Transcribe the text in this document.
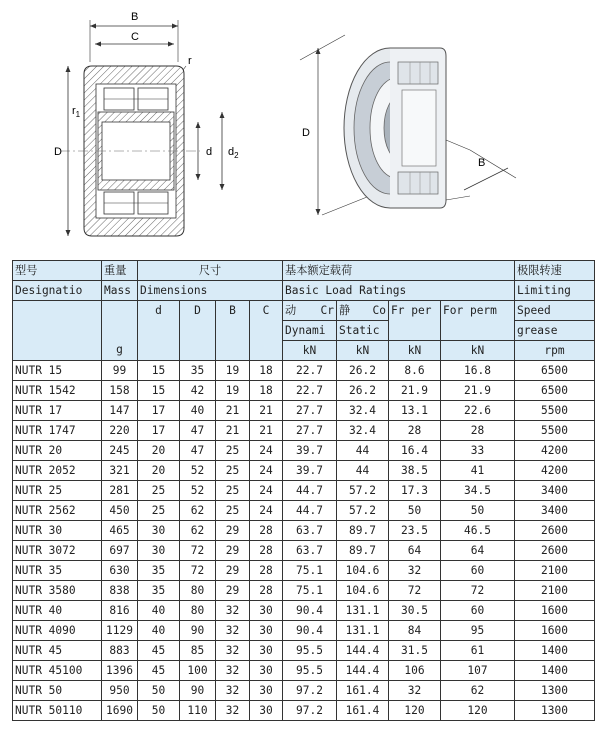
B
C
r
D
$r_1$
d $d_2$
D
B
型号	重量	尺寸				基本额定载荷				极限转速
Designatio	Mass	Dimensions				Basic Load Ratings				Limiting
	g	d	D	B	C	动 Cr	静 Co	Fr per	For perm	Speed
						Dynami	Static			grease
						kN	kN	kN	kN	rpm
NUTR 15	99	15	35	19	18	22.7	26.2	8.6	16.8	6500
NUTR 1542	158	15	42	19	18	22.7	26.2	21.9	21.9	6500
NUTR 17	147	17	40	21	21	27.7	32.4	13.1	22.6	5500
NUTR 1747	220	17	47	21	21	27.7	32.4	28	28	5500
NUTR 20	245	20	47	25	24	39.7	44	16.4	33	4200
NUTR 2052	321	20	52	25	24	39.7	44	38.5	41	4200
NUTR 25	281	25	52	25	24	44.7	57.2	17.3	34.5	3400
NUTR 2562	450	25	62	25	24	44.7	57.2	50	50	3400
NUTR 30	465	30	62	29	28	63.7	89.7	23.5	46.5	2600
NUTR 3072	697	30	72	29	28	63.7	89.7	64	64	2600
NUTR 35	630	35	72	29	28	75.1	104.6	32	60	2100
NUTR 3580	838	35	80	29	28	75.1	104.6	72	72	2100
NUTR 40	816	40	80	32	30	90.4	131.1	30.5	60	1600
NUTR 4090	1129	40	90	32	30	90.4	131.1	84	95	1600
NUTR 45	883	45	85	32	30	95.5	144.4	31.5	61	1400
NUTR 45100	1396	45	100	32	30	95.5	144.4	106	107	1400
NUTR 50	950	50	90	32	30	97.2	161.4	32	62	1300
NUTR 50110	1690	50	110	32	30	97.2	161.4	120	120	1300
